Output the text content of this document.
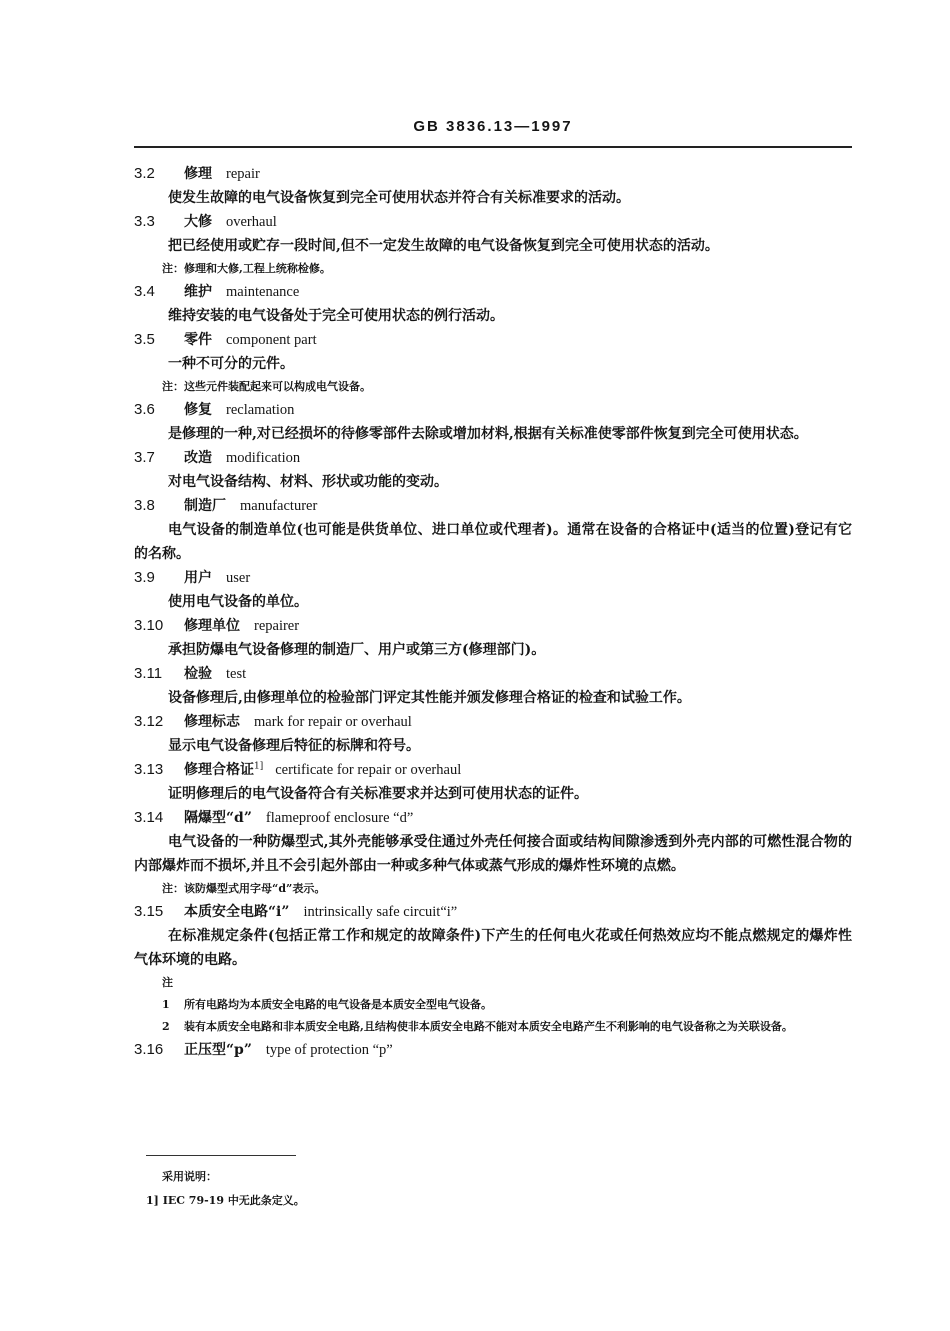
GB 3836.13—1997
3.2 修理 repair
使发生故障的电气设备恢复到完全可使用状态并符合有关标准要求的活动。
3.3 大修 overhaul
把已经使用或贮存一段时间,但不一定发生故障的电气设备恢复到完全可使用状态的活动。
注：修理和大修,工程上统称检修。
3.4 维护 maintenance
维持安装的电气设备处于完全可使用状态的例行活动。
3.5 零件 component part
一种不可分的元件。
注：这些元件装配起来可以构成电气设备。
3.6 修复 reclamation
是修理的一种,对已经损坏的待修零部件去除或增加材料,根据有关标准使零部件恢复到完全可使用状态。
3.7 改造 modification
对电气设备结构、材料、形状或功能的变动。
3.8 制造厂 manufacturer
电气设备的制造单位(也可能是供货单位、进口单位或代理者)。通常在设备的合格证中(适当的位置)登记有它的名称。
3.9 用户 user
使用电气设备的单位。
3.10 修理单位 repairer
承担防爆电气设备修理的制造厂、用户或第三方(修理部门)。
3.11 检验 test
设备修理后,由修理单位的检验部门评定其性能并颁发修理合格证的检查和试验工作。
3.12 修理标志 mark for repair or overhaul
显示电气设备修理后特征的标牌和符号。
3.13 修理合格证$^{1]}$ certificate for repair or overhaul
证明修理后的电气设备符合有关标准要求并达到可使用状态的证件。
3.14 隔爆型“d” flameproof enclosure “d”
电气设备的一种防爆型式,其外壳能够承受住通过外壳任何接合面或结构间隙渗透到外壳内部的可燃性混合物的内部爆炸而不损坏,并且不会引起外部由一种或多种气体或蒸气形成的爆炸性环境的点燃。
注：该防爆型式用字母“d”表示。
3.15 本质安全电路“i” intrinsically safe circuit“i”
在标准规定条件(包括正常工作和规定的故障条件)下产生的任何电火花或任何热效应均不能点燃规定的爆炸性气体环境的电路。
注
1	所有电路均为本质安全电路的电气设备是本质安全型电气设备。
2	装有本质安全电路和非本质安全电路,且结构使非本质安全电路不能对本质安全电路产生不利影响的电气设备称之为关联设备。
3.16 正压型“p” type of protection “p”
采用说明：
1] IEC 79-19 中无此条定义。
